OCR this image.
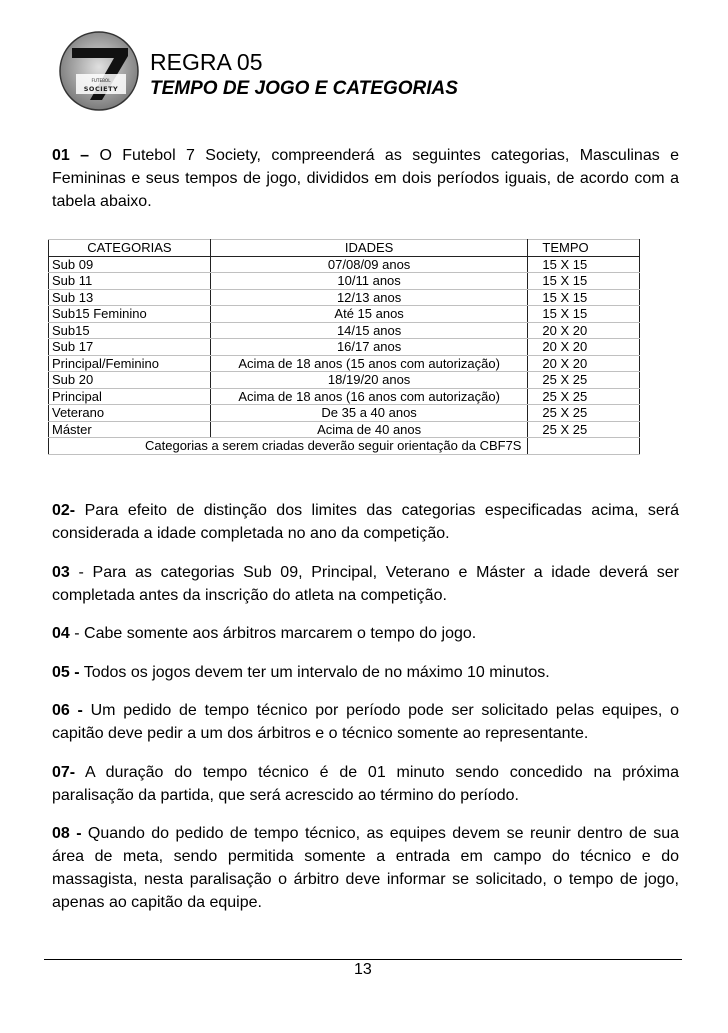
FUTEBOL
SOCIETY
REGRA 05
TEMPO DE JOGO E CATEGORIAS

01 – O Futebol 7 Society, compreenderá as seguintes categorias, Masculinas e Femininas e seus tempos de jogo, divididos em dois períodos iguais, de acordo com a tabela abaixo.

CATEGORIAS	IDADES	TEMPO
Sub 09	07/08/09 anos	15 X 15
Sub 11	10/11 anos	15 X 15
Sub 13	12/13 anos	15 X 15
Sub15 Feminino	Até 15 anos	15 X 15
Sub15	14/15 anos	20 X 20
Sub 17	16/17 anos	20 X 20
Principal/Feminino	Acima de 18 anos (15 anos com autorização)	20 X 20
Sub 20	18/19/20 anos	25 X 25
Principal	Acima de 18 anos (16 anos com autorização)	25 X 25
Veterano	De 35 a 40 anos	25 X 25
Máster	Acima de 40 anos	25 X 25
Categorias a serem criadas deverão seguir orientação da CBF7S		

02- Para efeito de distinção dos limites das categorias especificadas acima, será considerada a idade completada no ano da competição.

03 - Para as categorias Sub 09, Principal, Veterano e Máster a idade deverá ser completada antes da inscrição do atleta na competição.

04 - Cabe somente aos árbitros marcarem o tempo do jogo.

05 - Todos os jogos devem ter um intervalo de no máximo 10 minutos.

06 - Um pedido de tempo técnico por período pode ser solicitado pelas equipes, o capitão deve pedir a um dos árbitros e o técnico somente ao representante.

07- A duração do tempo técnico é de 01 minuto sendo concedido na próxima paralisação da partida, que será acrescido ao término do período.

08 - Quando do pedido de tempo técnico, as equipes devem se reunir dentro de sua área de meta, sendo permitida somente a entrada em campo do técnico e do massagista, nesta paralisação o árbitro deve informar se solicitado, o tempo de jogo, apenas ao capitão da equipe.

13
